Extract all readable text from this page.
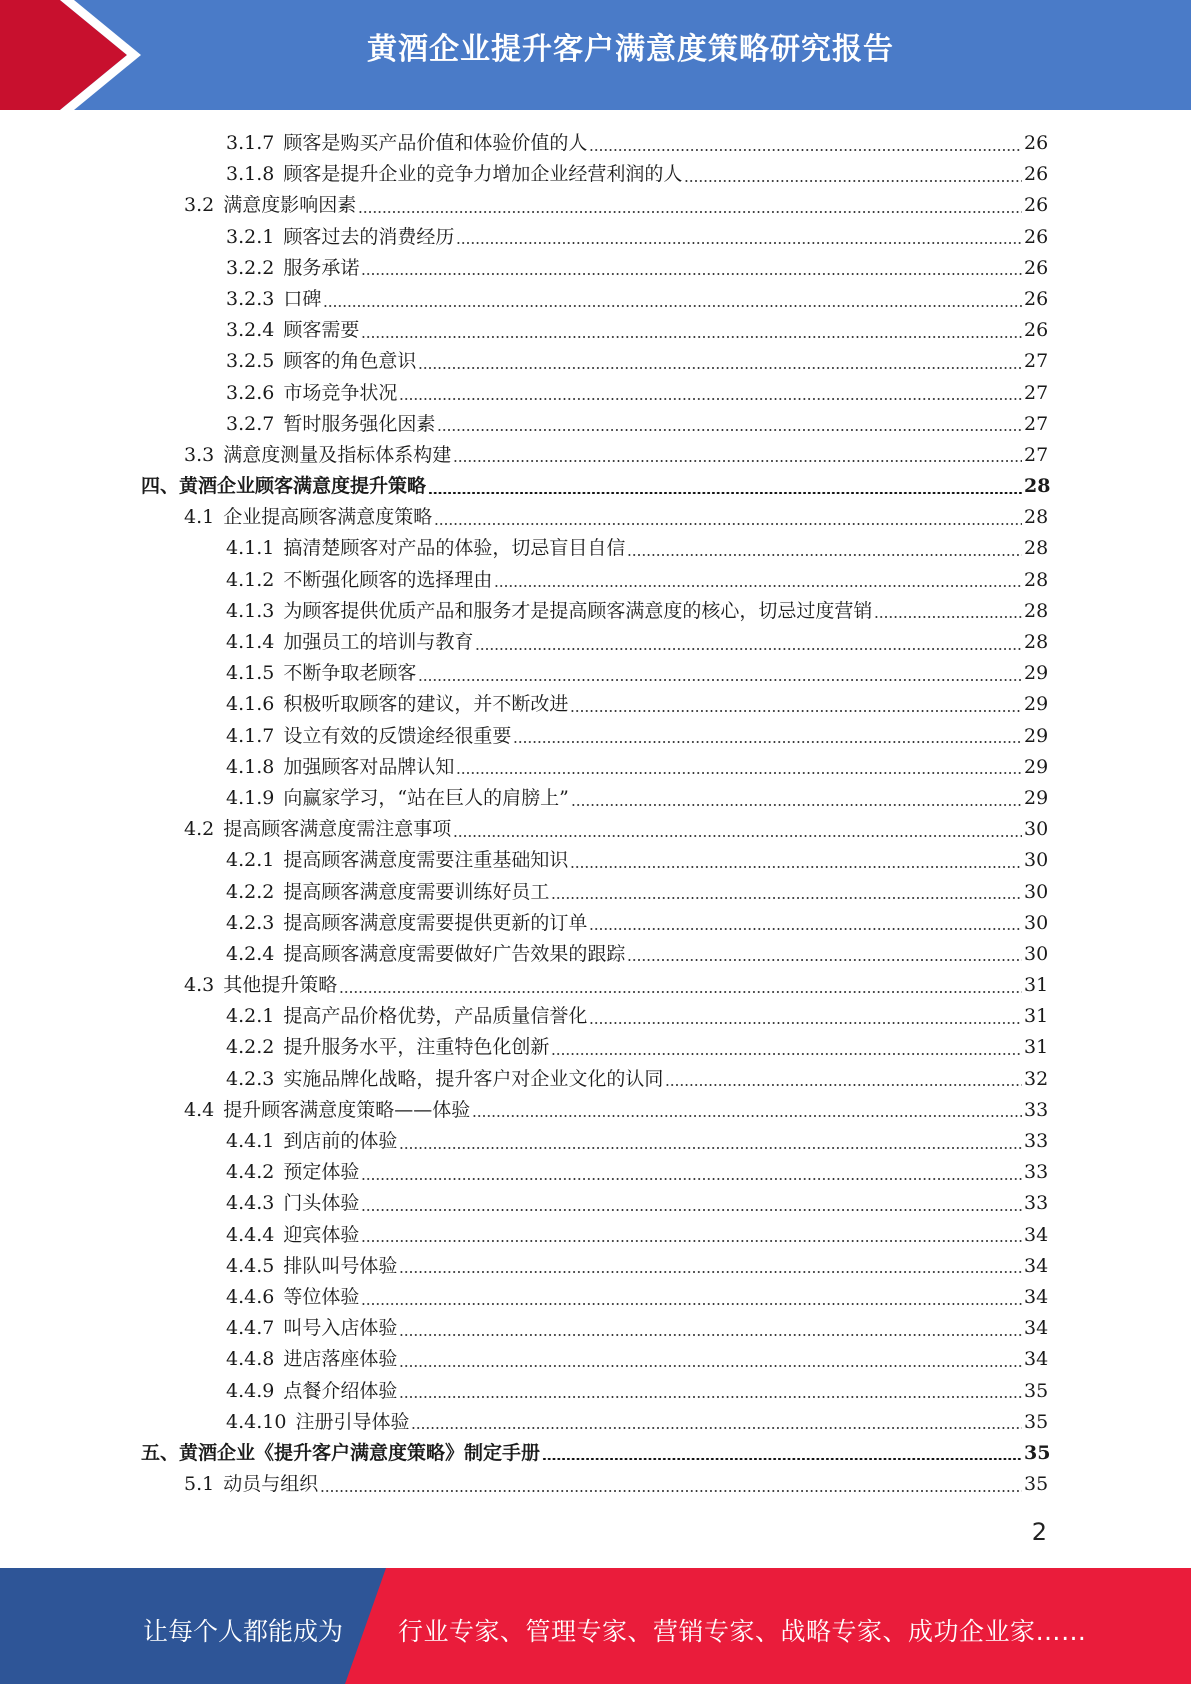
黄酒企业提升客户满意度策略研究报告
3.1.7 顾客是购买产品价值和体验价值的人	26
3.1.8 顾客是提升企业的竞争力增加企业经营利润的人	26
3.2 满意度影响因素	26
3.2.1 顾客过去的消费经历	26
3.2.2 服务承诺	26
3.2.3 口碑	26
3.2.4 顾客需要	26
3.2.5 顾客的角色意识	27
3.2.6 市场竞争状况	27
3.2.7 暂时服务强化因素	27
3.3 满意度测量及指标体系构建	27
四、黄酒企业顾客满意度提升策略	28
4.1 企业提高顾客满意度策略	28
4.1.1 搞清楚顾客对产品的体验，切忌盲目自信	28
4.1.2 不断强化顾客的选择理由	28
4.1.3 为顾客提供优质产品和服务才是提高顾客满意度的核心，切忌过度营销	28
4.1.4 加强员工的培训与教育	28
4.1.5 不断争取老顾客	29
4.1.6 积极听取顾客的建议，并不断改进	29
4.1.7 设立有效的反馈途经很重要	29
4.1.8 加强顾客对品牌认知	29
4.1.9 向赢家学习，“站在巨人的肩膀上”	29
4.2 提高顾客满意度需注意事项	30
4.2.1 提高顾客满意度需要注重基础知识	30
4.2.2 提高顾客满意度需要训练好员工	30
4.2.3 提高顾客满意度需要提供更新的订单	30
4.2.4 提高顾客满意度需要做好广告效果的跟踪	30
4.3 其他提升策略	31
4.2.1 提高产品价格优势，产品质量信誉化	31
4.2.2 提升服务水平，注重特色化创新	31
4.2.3 实施品牌化战略，提升客户对企业文化的认同	32
4.4 提升顾客满意度策略——体验	33
4.4.1 到店前的体验	33
4.4.2 预定体验	33
4.4.3 门头体验	33
4.4.4 迎宾体验	34
4.4.5 排队叫号体验	34
4.4.6 等位体验	34
4.4.7 叫号入店体验	34
4.4.8 进店落座体验	34
4.4.9 点餐介绍体验	35
4.4.10 注册引导体验	35
五、黄酒企业《提升客户满意度策略》制定手册	35
5.1 动员与组织	35
2
让每个人都能成为 行业专家、管理专家、营销专家、战略专家、成功企业家……
